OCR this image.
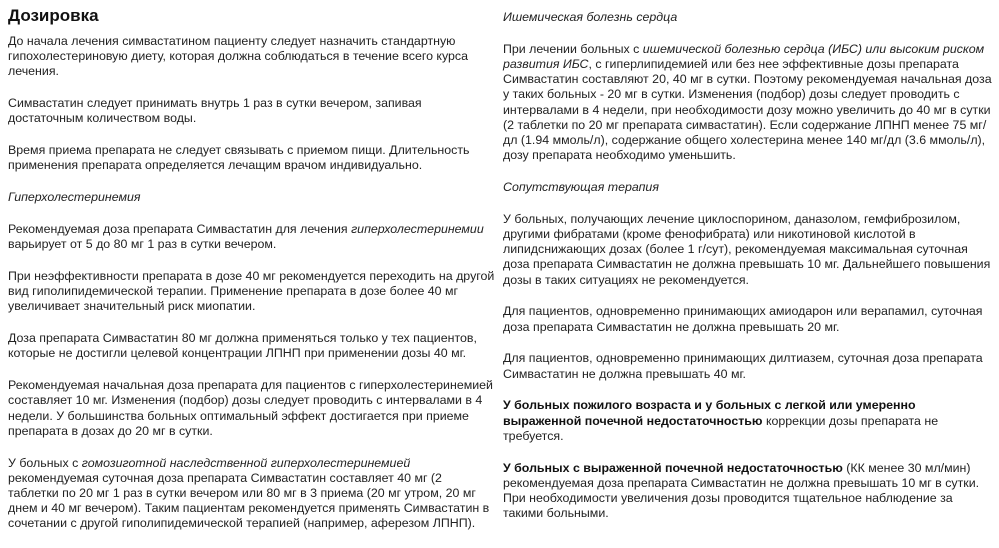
Дозировка

До начала лечения симвастатином пациенту следует назначить стандартную гипохолестериновую диету, которая должна соблюдаться в течение всего курса лечения.

Симвастатин следует принимать внутрь 1 раз в сутки вечером, запивая достаточным количеством воды.

Время приема препарата не следует связывать с приемом пищи. Длительность применения препарата определяется лечащим врачом индивидуально.

Гиперхолестеринемия

Рекомендуемая доза препарата Симвастатин для лечения гиперхолестеринемии варьирует от 5 до 80 мг 1 раз в сутки вечером.

При неэффективности препарата в дозе 40 мг рекомендуется переходить на другой вид гиполипидемической терапии. Применение препарата в дозе более 40 мг увеличивает значительный риск миопатии.

Доза препарата Симвастатин 80 мг должна применяться только у тех пациентов, которые не достигли целевой концентрации ЛПНП при применении дозы 40 мг.

Рекомендуемая начальная доза препарата для пациентов с гиперхолестеринемией составляет 10 мг. Изменения (подбор) дозы следует проводить с интервалами в 4 недели. У большинства больных оптимальный эффект достигается при приеме препарата в дозах до 20 мг в сутки.

У больных с гомозиготной наследственной гиперхолестеринемией рекомендуемая суточная доза препарата Симвастатин составляет 40 мг (2 таблетки по 20 мг 1 раз в сутки вечером или 80 мг в 3 приема (20 мг утром, 20 мг днем и 40 мг вечером). Таким пациентам рекомендуется применять Симвастатин в сочетании с другой гиполипидемической терапией (например, аферезом ЛПНП).

Ишемическая болезнь сердца

При лечении больных с ишемической болезнью сердца (ИБС) или высоким риском развития ИБС, с гиперлипидемией или без нее эффективные дозы препарата Симвастатин составляют 20, 40 мг в сутки. Поэтому рекомендуемая начальная доза у таких больных - 20 мг в сутки. Изменения (подбор) дозы следует проводить с интервалами в 4 недели, при необходимости дозу можно увеличить до 40 мг в сутки (2 таблетки по 20 мг препарата симвастатин). Если содержание ЛПНП менее 75 мг/дл (1.94 ммоль/л), содержание общего холестерина менее 140 мг/дл (3.6 ммоль/л), дозу препарата необходимо уменьшить.

Сопутствующая терапия

У больных, получающих лечение циклоспорином, даназолом, гемфиброзилом, другими фибратами (кроме фенофибрата) или никотиновой кислотой в липидснижающих дозах (более 1 г/сут), рекомендуемая максимальная суточная доза препарата Симвастатин не должна превышать 10 мг. Дальнейшего повышения дозы в таких ситуациях не рекомендуется.

Для пациентов, одновременно принимающих амиодарон или верапамил, суточная доза препарата Симвастатин не должна превышать 20 мг.

Для пациентов, одновременно принимающих дилтиазем, суточная доза препарата Симвастатин не должна превышать 40 мг.

У больных пожилого возраста и у больных с легкой или умеренно выраженной почечной недостаточностью коррекции дозы препарата не требуется.

У больных с выраженной почечной недостаточностью (КК менее 30 мл/мин) рекомендуемая доза препарата Симвастатин не должна превышать 10 мг в сутки. При необходимости увеличения дозы проводится тщательное наблюдение за такими больными.
